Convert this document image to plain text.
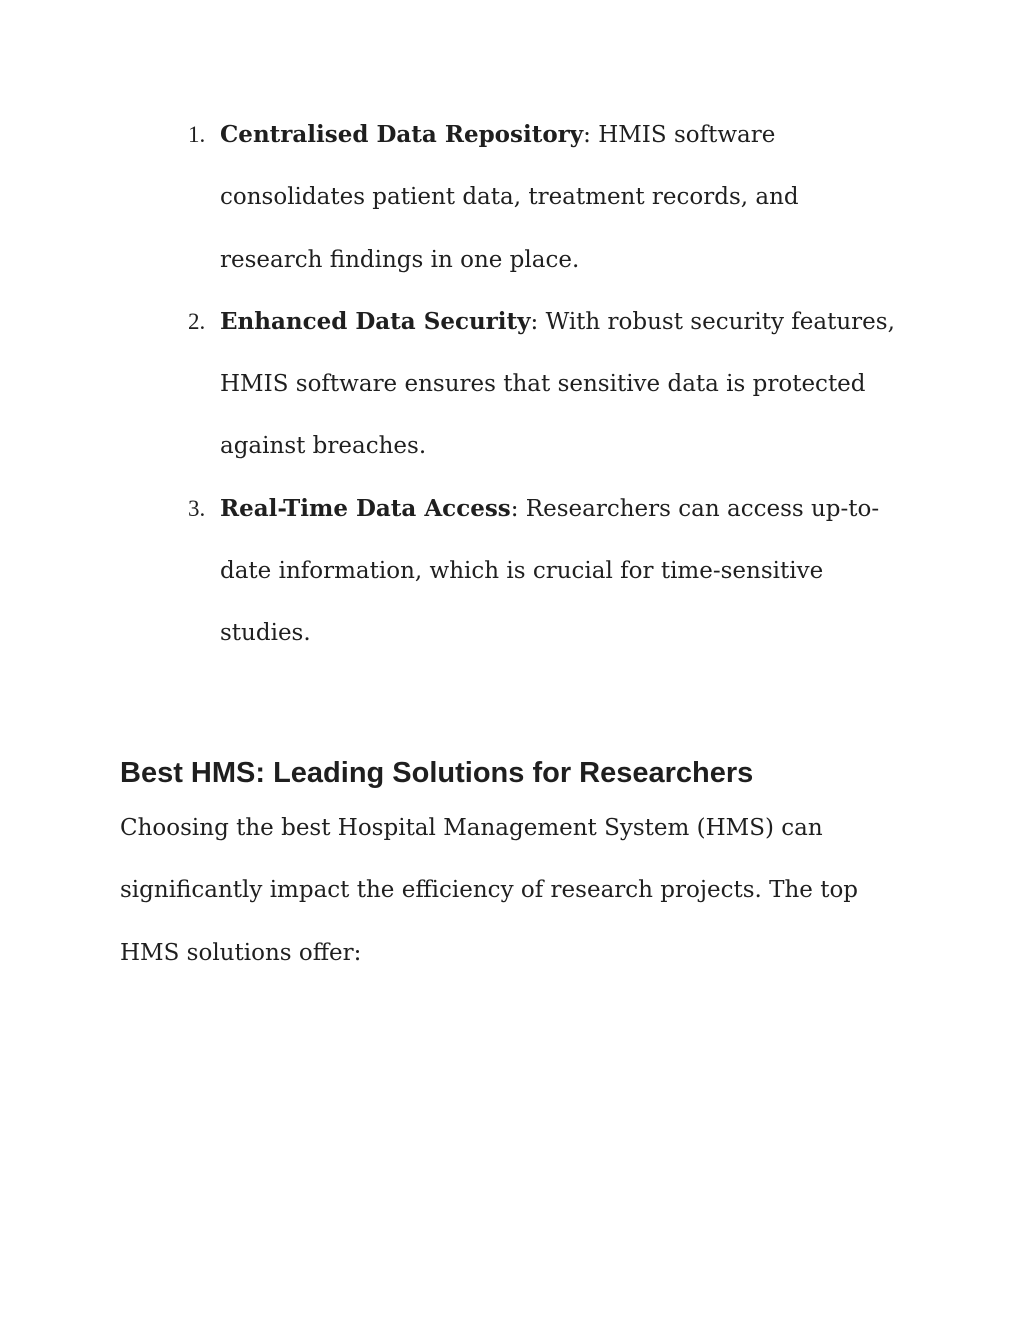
1. Centralised Data Repository: HMIS software consolidates patient data, treatment records, and research findings in one place.
2. Enhanced Data Security: With robust security features, HMIS software ensures that sensitive data is protected against breaches.
3. Real-Time Data Access: Researchers can access up-to-date information, which is crucial for time-sensitive studies.
Best HMS: Leading Solutions for Researchers

Choosing the best Hospital Management System (HMS) can significantly impact the efficiency of research projects. The top HMS solutions offer:
